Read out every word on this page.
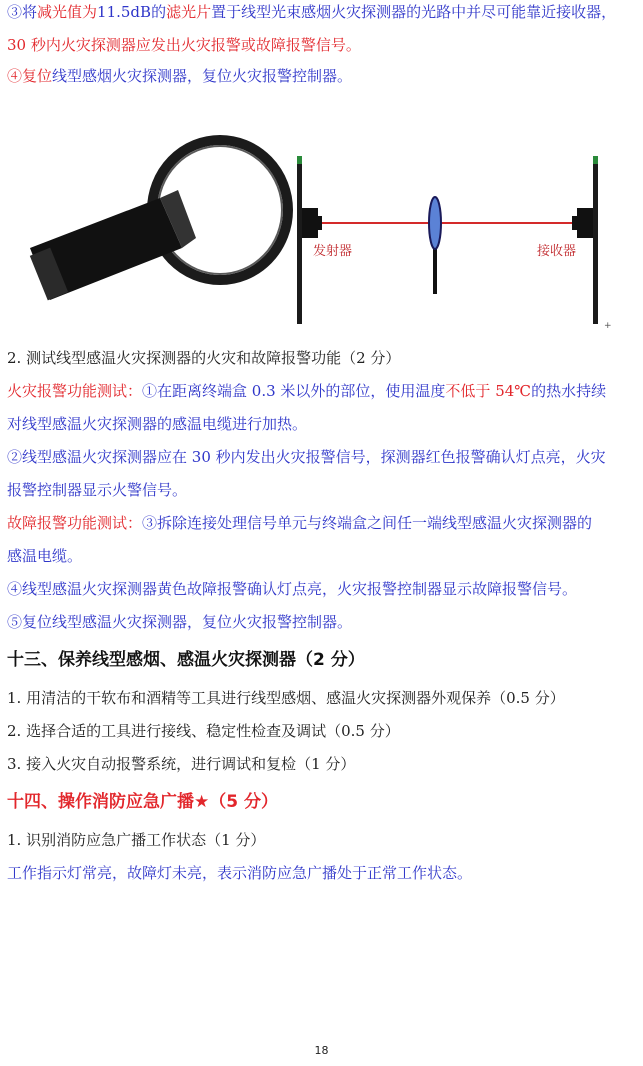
③将减光值为11.5dB的滤光片置于线型光束感烟火灾探测器的光路中并尽可能靠近接收器，
30 秒内火灾探测器应发出火灾报警或故障报警信号。
④复位线型感烟火灾探测器，复位火灾报警控制器。
发射器	接收器
+
2. 测试线型感温火灾探测器的火灾和故障报警功能（2 分）
火灾报警功能测试：①在距离终端盒 0.3 米以外的部位，使用温度不低于 54℃的热水持续
对线型感温火灾探测器的感温电缆进行加热。
②线型感温火灾探测器应在 30 秒内发出火灾报警信号，探测器红色报警确认灯点亮，火灾
报警控制器显示火警信号。
故障报警功能测试：③拆除连接处理信号单元与终端盒之间任一端线型感温火灾探测器的
感温电缆。
④线型感温火灾探测器黄色故障报警确认灯点亮，火灾报警控制器显示故障报警信号。
⑤复位线型感温火灾探测器，复位火灾报警控制器。
十三、保养线型感烟、感温火灾探测器（2 分）
1. 用清洁的干软布和酒精等工具进行线型感烟、感温火灾探测器外观保养（0.5 分）
2. 选择合适的工具进行接线、稳定性检查及调试（0.5 分）
3. 接入火灾自动报警系统，进行调试和复检（1 分）
十四、操作消防应急广播★（5 分）
1. 识别消防应急广播工作状态（1 分）
工作指示灯常亮，故障灯未亮，表示消防应急广播处于正常工作状态。
18
